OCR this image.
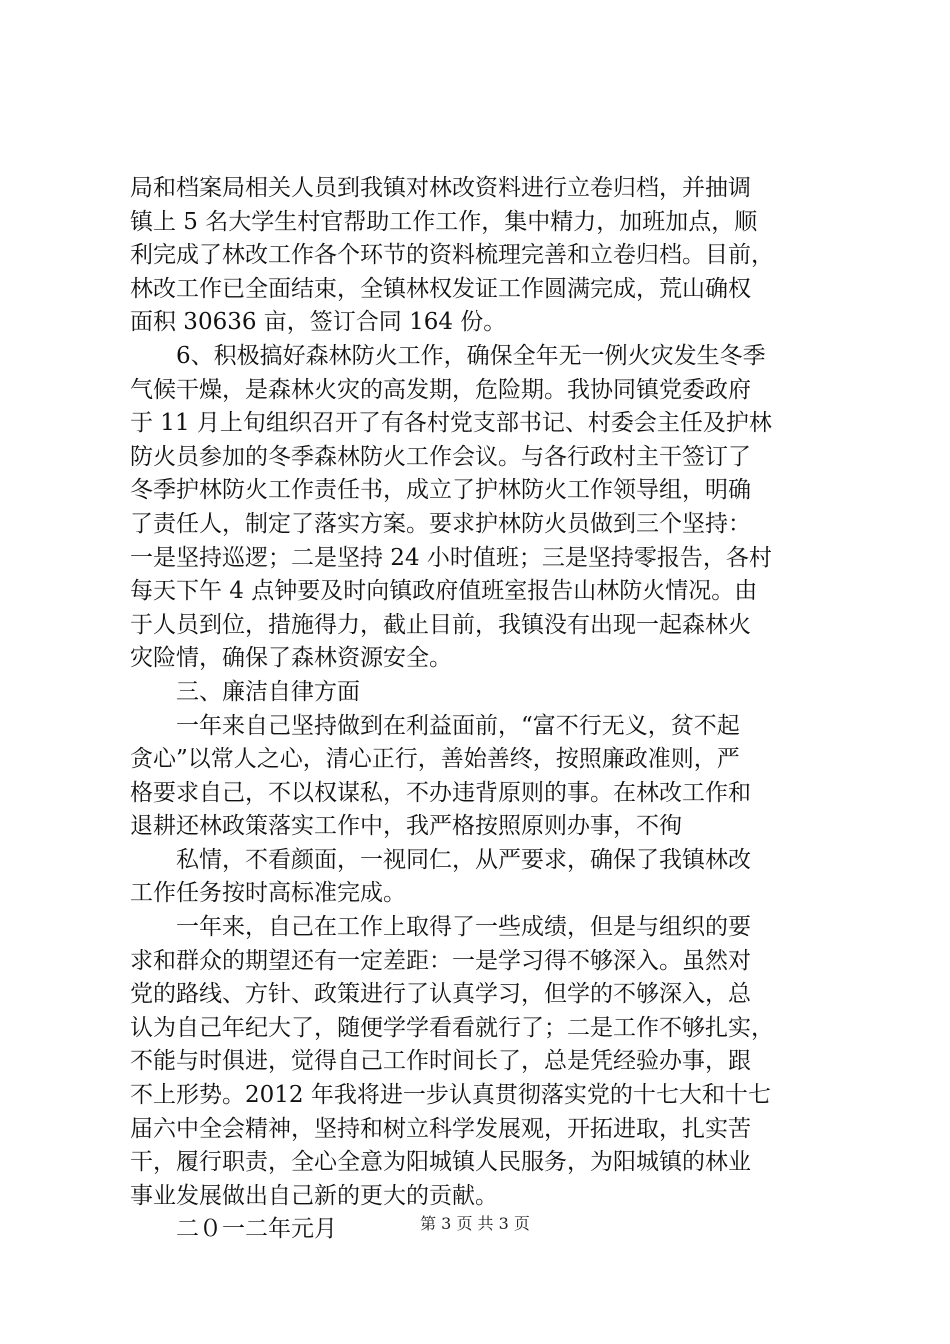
局和档案局相关人员到我镇对林改资料进行立卷归档，并抽调
镇上 5 名大学生村官帮助工作工作，集中精力，加班加点，顺
利完成了林改工作各个环节的资料梳理完善和立卷归档。目前，
林改工作已全面结束，全镇林权发证工作圆满完成，荒山确权
面积 30636 亩，签订合同 164 份。
6、积极搞好森林防火工作，确保全年无一例火灾发生冬季
气候干燥，是森林火灾的高发期，危险期。我协同镇党委政府
于 11 月上旬组织召开了有各村党支部书记、村委会主任及护林
防火员参加的冬季森林防火工作会议。与各行政村主干签订了
冬季护林防火工作责任书，成立了护林防火工作领导组，明确
了责任人，制定了落实方案。要求护林防火员做到三个坚持：
一是坚持巡逻；二是坚持 24 小时值班；三是坚持零报告，各村
每天下午 4 点钟要及时向镇政府值班室报告山林防火情况。由
于人员到位，措施得力，截止目前，我镇没有出现一起森林火
灾险情，确保了森林资源安全。
三、廉洁自律方面
一年来自己坚持做到在利益面前，“富不行无义，贫不起
贪心”以常人之心，清心正行，善始善终，按照廉政准则，严
格要求自己，不以权谋私，不办违背原则的事。在林改工作和
退耕还林政策落实工作中，我严格按照原则办事，不徇
私情，不看颜面，一视同仁，从严要求，确保了我镇林改
工作任务按时高标准完成。
一年来，自己在工作上取得了一些成绩，但是与组织的要
求和群众的期望还有一定差距：一是学习得不够深入。虽然对
党的路线、方针、政策进行了认真学习，但学的不够深入，总
认为自己年纪大了，随便学学看看就行了；二是工作不够扎实，
不能与时俱进，觉得自己工作时间长了，总是凭经验办事，跟
不上形势。2012 年我将进一步认真贯彻落实党的十七大和十七
届六中全会精神，坚持和树立科学发展观，开拓进取，扎实苦
干，履行职责，全心全意为阳城镇人民服务，为阳城镇的林业
事业发展做出自己新的更大的贡献。
二０一二年元月	第 3 页 共 3 页
